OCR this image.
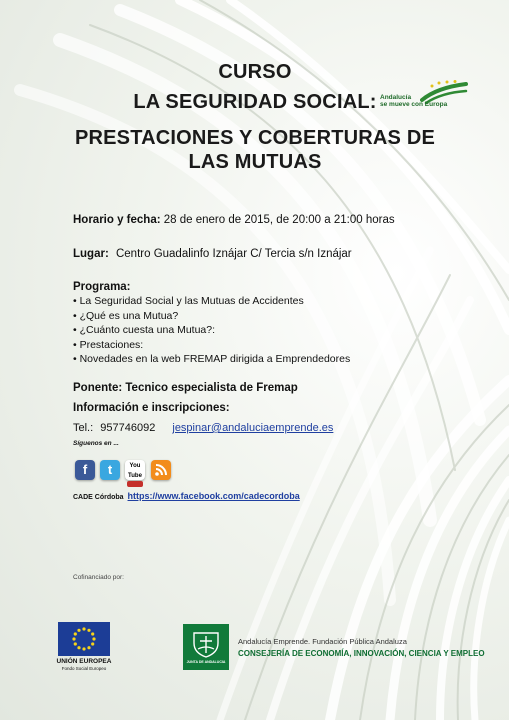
CURSO
LA SEGURIDAD SOCIAL:
PRESTACIONES Y COBERTURAS DE
LAS MUTUAS
Andalucía
se mueve con Europa
Horario y fecha: 28 de enero de 2015, de 20:00 a 21:00 horas
Lugar: Centro Guadalinfo Iznájar C/ Tercia s/n Iznájar
Programa:
• La Seguridad Social y las Mutuas de Accidentes
• ¿Qué es una Mutua?
• ¿Cuánto cuesta una Mutua?:
• Prestaciones:
• Novedades en la web FREMAP dirigida a Emprendedores
Ponente: Tecnico especialista de Fremap
Información e inscripciones:
Tel.: 957746092 jespinar@andaluciaemprende.es
Síguenos en ...
f	t	You Tube
CADE Córdoba https://www.facebook.com/cadecordoba
Cofinanciado por:
UNIÓN EUROPEA
Fondo Social Europeo
JUNTA DE ANDALUCIA
Andalucía Emprende. Fundación Pública Andaluza
CONSEJERÍA DE ECONOMÍA, INNOVACIÓN, CIENCIA Y EMPLEO
